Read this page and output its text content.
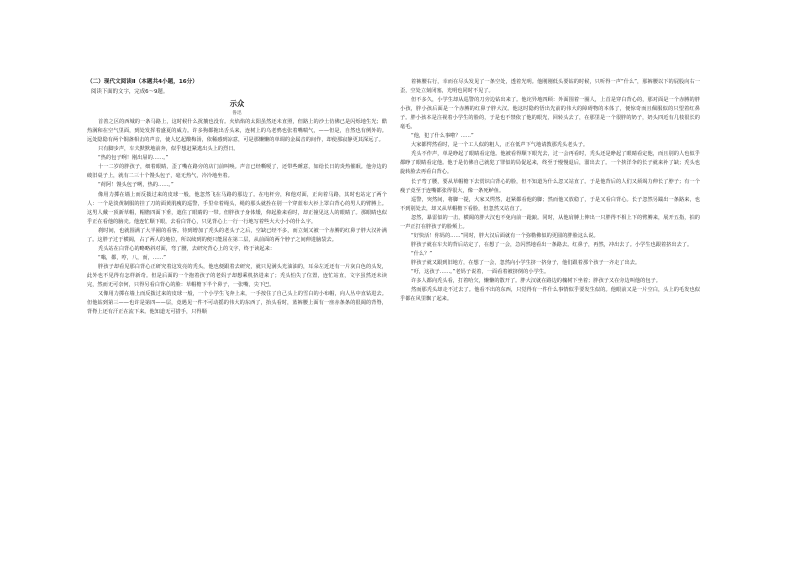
（二）现代文阅读Ⅱ（本题共4小题，16分）

阅读下面的文字，完成6～9题。

示众

鲁迅

首善之区的西城的一条马路上，这时候什么扰攘也没有。火焰焰的太阳虽然还未直照，但路上的沙土仿佛已是闪烁地生光；酷热满和在空气里面，到处发挥着盛夏的威力。许多狗都拖出舌头来，连树上的乌老鸦也张着嘴喘气，——但是，自然也有例外的。远处隐隐有两个铜盏相击的声音，使人忆起酸梅汤，依稀感到凉意，可是那懒懒的单调的金属音的间作，却使那寂静更其深远了。

只有脚步声，车夫默默地前奔，似乎想赶紧逃出头上的烈日。

“热的包子咧！刚出屉的……。”

十一二岁的胖孩子，细着眼睛，歪了嘴在路旁的店门前叫唤。声音已经嘶嗄了，还带些睡意，如给长日的炎热催眠。他旁边的破旧桌子上，就有二三十个馒头包子，毫无热气，冷冷地坐着。

“荷阿！馒头包子咧，热的……。”

像用力掷在墙上而反拨过来的皮球一般，他忽然飞在马路的那边了。在电杆旁，和他对面，正向着马路，其时也站定了两个人：一个是淡黄制服的挂了刀的面黄肌瘦的巡警，手里牵着绳头，绳的那头就拴在别一个穿蓝布大衫上罩白背心的男人的臂膊上。这男人戴一顶新草帽，帽檐四面下垂，遮住了眼睛的一带。但胖孩子身体矮，仰起脸来看时，却正撞见这人的眼睛了。那眼睛也似乎正在看他的脑壳。他连忙顺下眼，去看白背心，只见背心上一行一行地写着些大大小小的什么字。

刹时间，也就围满了大半圈的看客。待到增加了秃头的老头子之后，空缺已经不多，而立刻又被一个赤膊的红鼻子胖大汉补满了。这胖子过于横阔，占了两人的地位，所以续到的便只能屈在第二层，从前面的两个脖子之间伸进脑袋去。

秃头站在白背心的略略斜对面，弯了腰，去研究背心上的文字，终于读起来：

“嗡，都，哼，八，而，……”

胖孩子却看见那白背心正研究着这发亮的秃头，他也便跟着去研究，就只见满头光油油的，耳朵左近还有一片灰白色的头发，此外也不见得有怎样新奇。但是后面的一个抱着孩子的老妈子却想乘机挤进来了；秃头怕失了位置，连忙站直，文字虽然还未读完，然而无可奈何，只得另看白背心的脸：草帽檐下半个鼻子，一张嘴，尖下巴。

又像用力掷在墙上而反拨过来的皮球一般，一个小学生飞奔上来，一手按住了自己头上的雪白的小布帽，向人丛中直钻进去。但他钻到第三——也许是第四——层，竟遇见一件不可动摇的伟大的东西了，抬头看时，蓝裤腰上面有一座赤条条的很阔的背脊，背脊上还有汗正在流下来。他知道无可措手，只得顺

着裤腰右行，幸而在尽头发见了一条空处，透着光明。他刚刚低头要钻的时候，只听得一声“什么”，那裤腰以下的屁股向右一歪，空处立刻闭塞，光明也同时不见了。

但不多久，小学生却从巡警的刀旁边钻出来了。他诧异地四顾：外面围着一圈人，上首是穿白背心的，那对面是一个赤膊的胖小孩，胖小孩后面是一个赤膊的红鼻子胖大汉。他这时隐约悟出先前的伟大的障碍物的本体了，便惊奇而且佩服似的只望着红鼻子。胖小孩本是注视着小学生的脸的，于是也不禁依了他的眼光，回转头去了，在那里是一个很胖的奶子，奶头四近有几枝很长的毫毛。

“他，犯了什么事啦？……”

大家都愕然看时，是一个工人似的粗人，正在低声下气地请教那秃头老头子。

秃头不作声，单是睁起了眼睛看定他。他被看得顺下眼光去，过一会再看时，秃头还是睁起了眼睛看定他，而且别的人也似乎都睁了眼睛看定他。他于是仿佛自己就犯了罪似的局促起来，终至于慢慢退后，溜出去了。一个挟洋伞的长子就来补了缺；秃头也旋转脸去再看白背心。

长子弯了腰，要从草帽檐下去赏识白背心的脸，但不知道为什么忽又站直了。于是他背后的人们又须竭力伸长了脖子；有一个瘦子竟至于连嘴都张得很大，像一条死鲈鱼。

巡警，突然间，将脚一提，大家又愕然，赶紧都看他的脚；然而他又放稳了，于是又看白背心。长子忽然另踹出一条路来，也不到别处去，却又从草帽檐下看脸，但忽然又站直了。

忽然，暴雷似的一击，横阔的胖大汉也不免向前一跄踉。同时，从他肩膊上伸出一只胖得不相上下的臂膊来，展开五指，拍的一声正打在胖孩子的脸颊上。

“好快活！你妈的……”同时，胖大汉后面就有一个弥勒佛似的更圆的胖脸这么说。

胖孩子就在车夫的背后站定了，在想了一会，急闪然地看出一条路去。红鼻子，再然，冲出去了。小学生也跟着挤出去了。

“什么？”

胖孩子就又跟到旧地方，在想了一会，忽然向小学生挤一挤身子，他们跟着那个孩子一齐走了出去。

“吁，这孩子……。”老妈子说着，一面看着被挤倒的小学生。

许多人都向秃头看，打着哈欠，懒懒的散开了。胖大汉就在路边的槐树下坐着；胖孩子又在旁边叫他的包子。

然而那秃头却走不过去了。他看不出的东西，只觉得有一件什么事情似乎要发生似的。他眼前又是一片空白，头上的毛发也似乎都在风里飘了起来。
